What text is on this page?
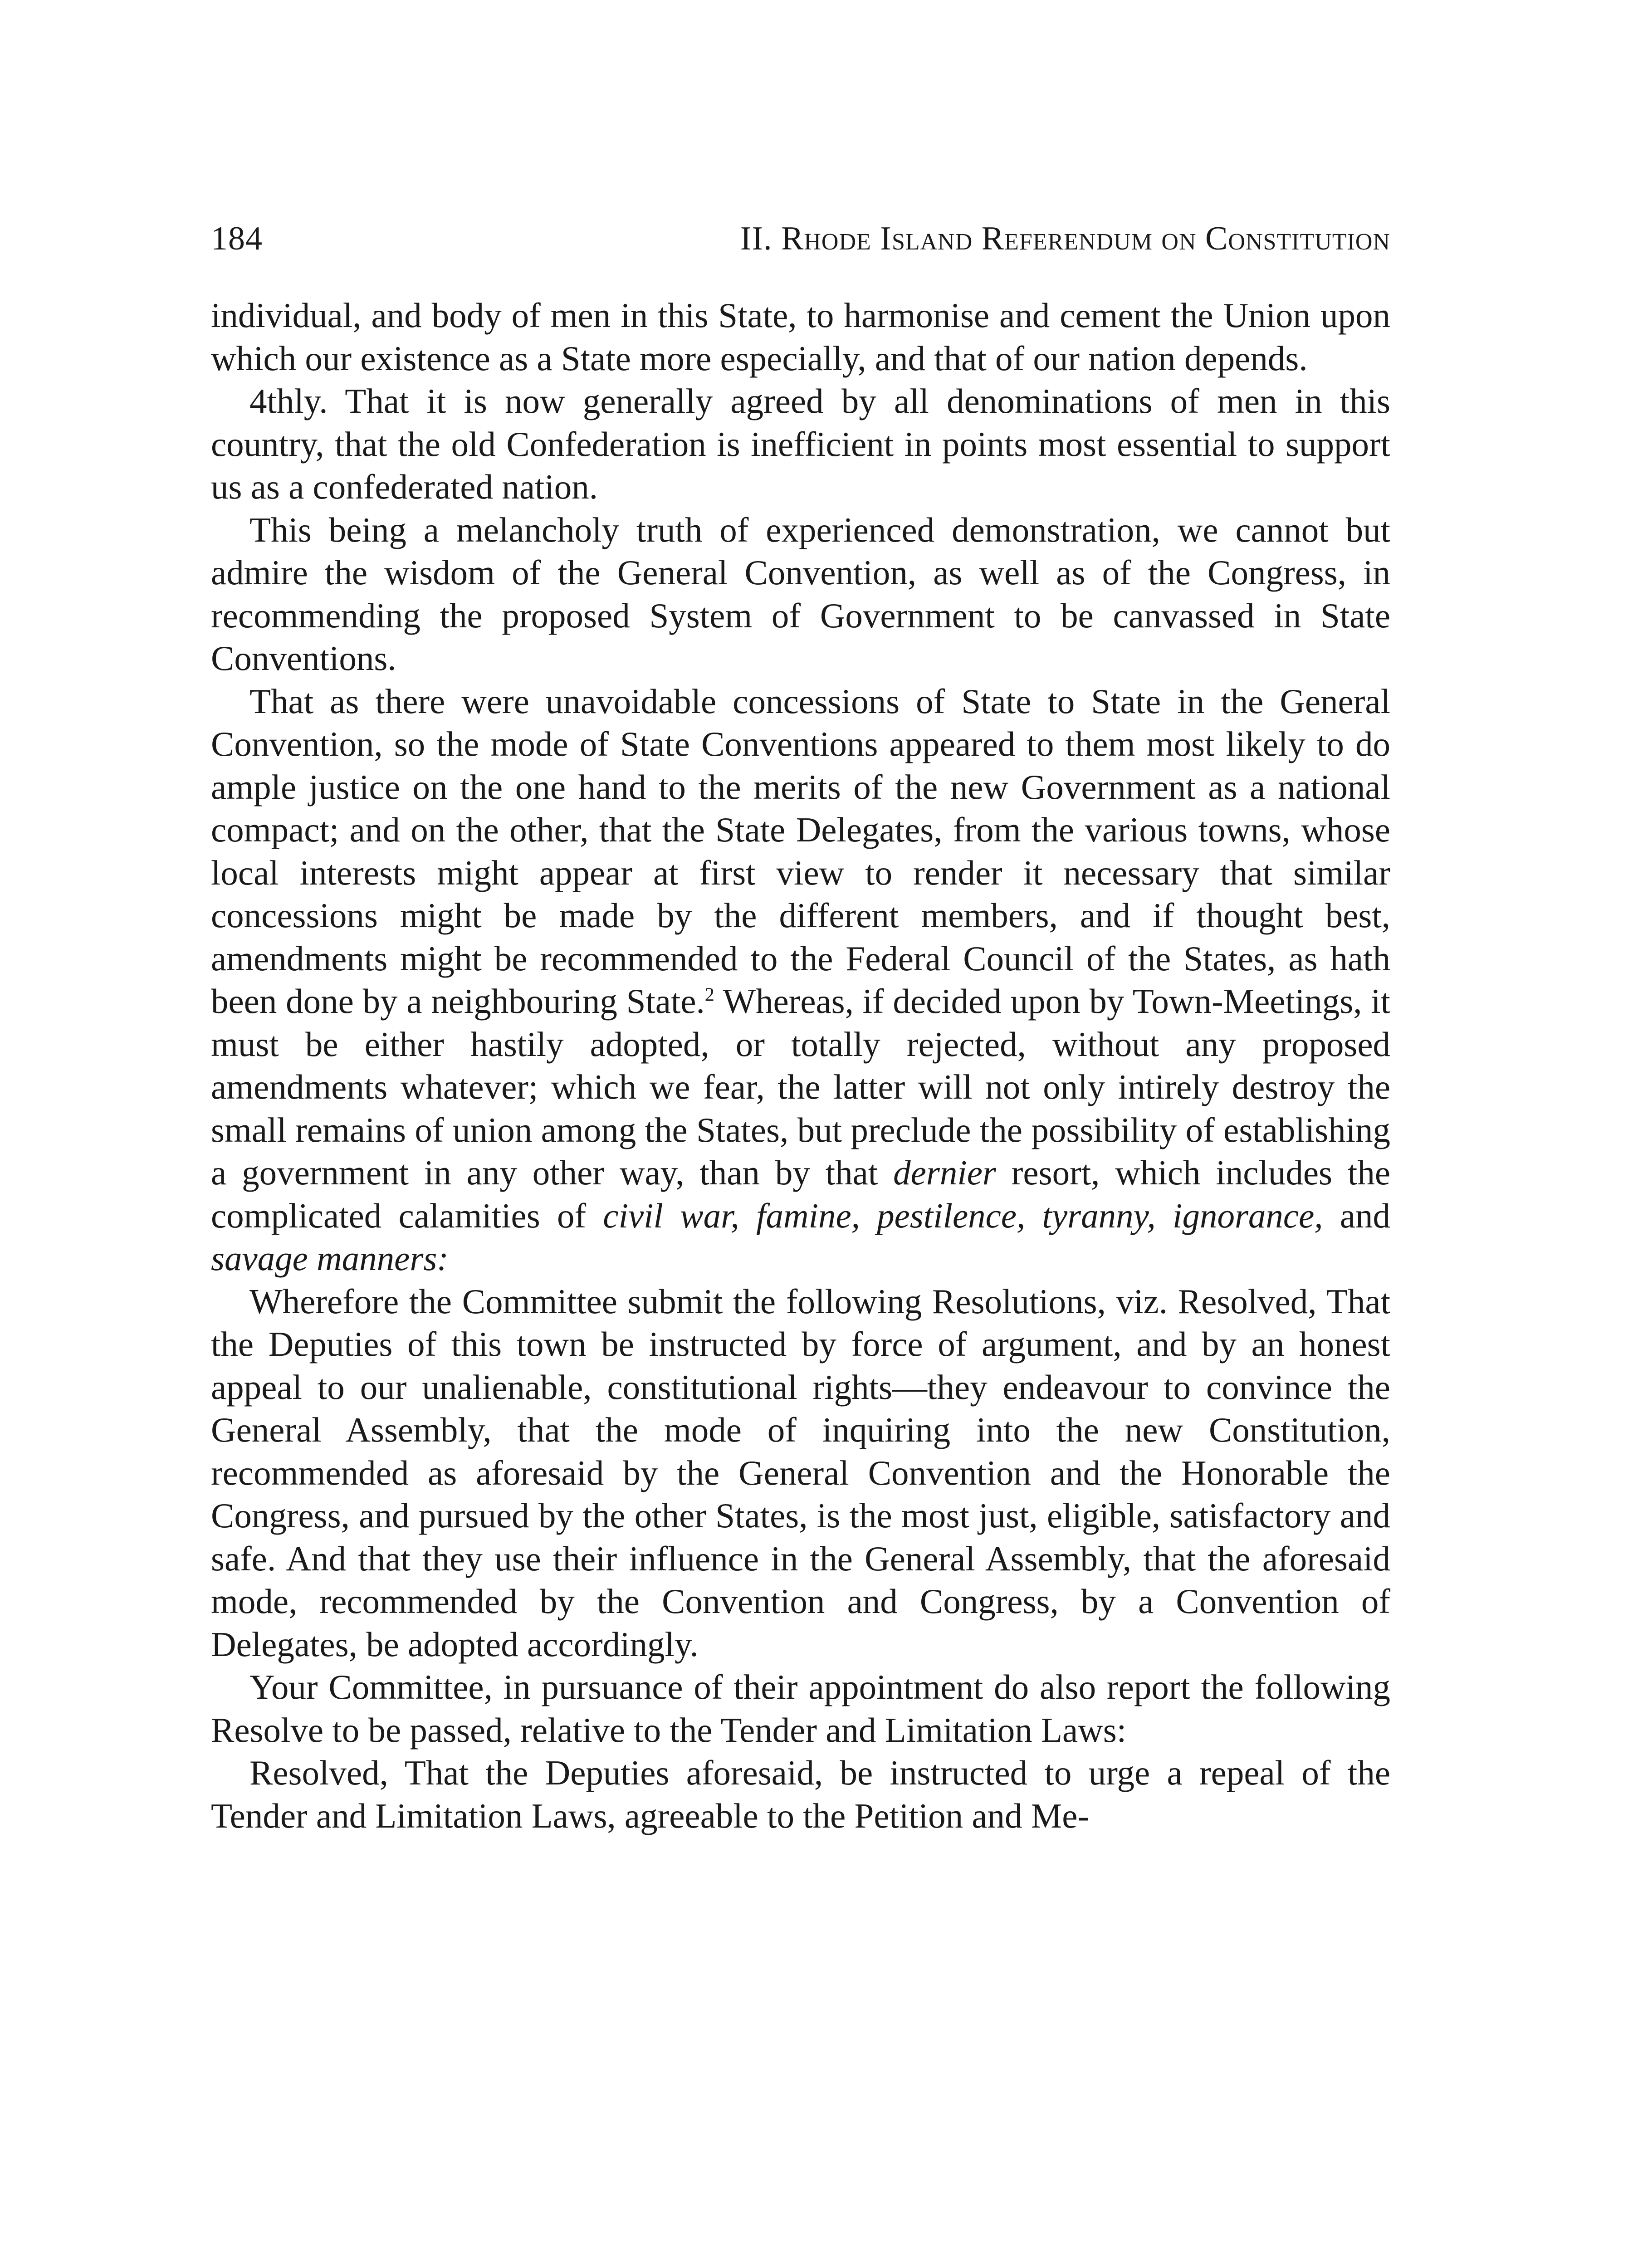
184	II. Rhode Island Referendum on Constitution

individual, and body of men in this State, to harmonise and cement the Union upon which our existence as a State more especially, and that of our nation depends.

4thly. That it is now generally agreed by all denominations of men in this country, that the old Confederation is inefficient in points most essential to support us as a confederated nation.

This being a melancholy truth of experienced demonstration, we cannot but admire the wisdom of the General Convention, as well as of the Congress, in recommending the proposed System of Government to be canvassed in State Conventions.

That as there were unavoidable concessions of State to State in the General Convention, so the mode of State Conventions appeared to them most likely to do ample justice on the one hand to the merits of the new Government as a national compact; and on the other, that the State Delegates, from the various towns, whose local interests might appear at first view to render it necessary that similar concessions might be made by the different members, and if thought best, amendments might be recommended to the Federal Council of the States, as hath been done by a neighbouring State.$^2$ Whereas, if decided upon by Town-Meetings, it must be either hastily adopted, or totally rejected, without any proposed amendments whatever; which we fear, the latter will not only intirely destroy the small remains of union among the States, but preclude the possibility of establishing a government in any other way, than by that dernier resort, which includes the complicated calamities of civil war, famine, pestilence, tyranny, ignorance, and savage manners:

Wherefore the Committee submit the following Resolutions, viz. Resolved, That the Deputies of this town be instructed by force of argument, and by an honest appeal to our unalienable, constitutional rights—they endeavour to convince the General Assembly, that the mode of inquiring into the new Constitution, recommended as aforesaid by the General Convention and the Honorable the Congress, and pursued by the other States, is the most just, eligible, satisfactory and safe. And that they use their influence in the General Assembly, that the aforesaid mode, recommended by the Convention and Congress, by a Convention of Delegates, be adopted accordingly.

Your Committee, in pursuance of their appointment do also report the following Resolve to be passed, relative to the Tender and Limitation Laws:

Resolved, That the Deputies aforesaid, be instructed to urge a repeal of the Tender and Limitation Laws, agreeable to the Petition and Me-
